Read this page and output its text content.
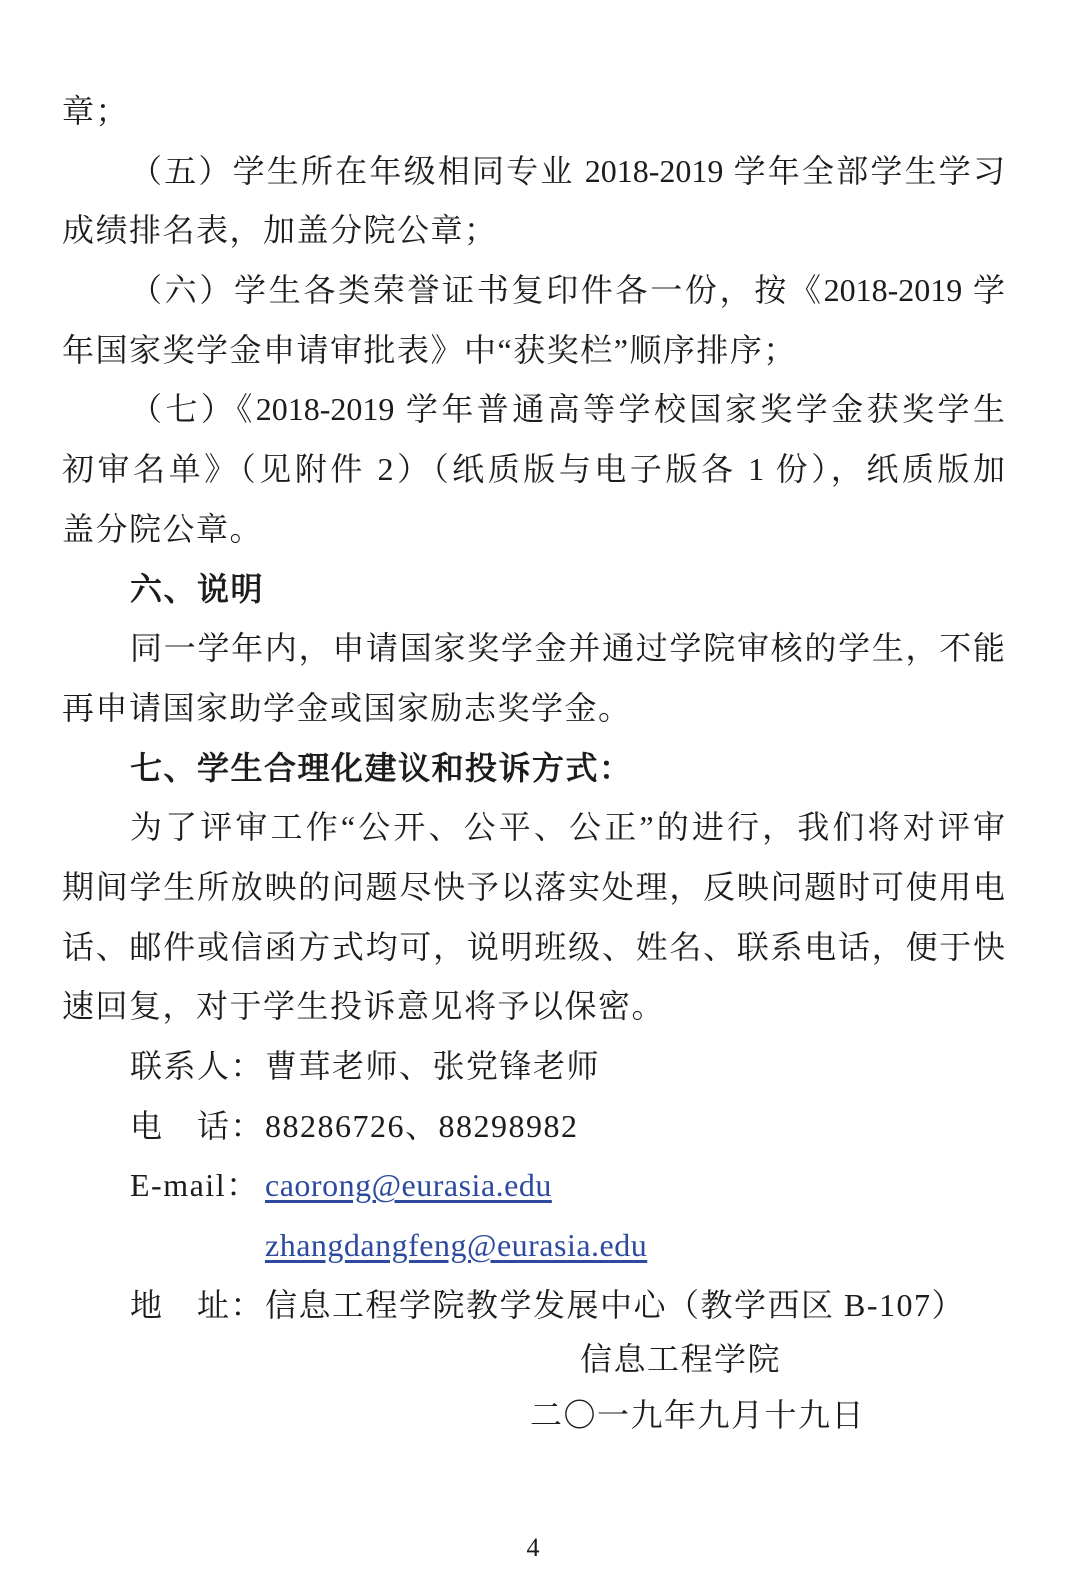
章；
（五）学生所在年级相同专业 2018-2019 学年全部学生学习
成绩排名表，加盖分院公章；
（六）学生各类荣誉证书复印件各一份，按《2018-2019 学
年国家奖学金申请审批表》中“获奖栏”顺序排序；
（七）《2018-2019 学年普通高等学校国家奖学金获奖学生
初审名单》（见附件 2）（纸质版与电子版各 1 份），纸质版加
盖分院公章。
六、说明
同一学年内，申请国家奖学金并通过学院审核的学生，不能
再申请国家助学金或国家励志奖学金。
七、学生合理化建议和投诉方式：
为了评审工作“公开、公平、公正”的进行，我们将对评审
期间学生所放映的问题尽快予以落实处理，反映问题时可使用电
话、邮件或信函方式均可，说明班级、姓名、联系电话，便于快
速回复，对于学生投诉意见将予以保密。
联系人： 曹茸老师、张党锋老师
电　话： 88286726、88298982
E-mail： caorong@eurasia.edu
zhangdangfeng@eurasia.edu
地　址： 信息工程学院教学发展中心（教学西区 B-107）
信息工程学院
二〇一九年九月十九日
4
